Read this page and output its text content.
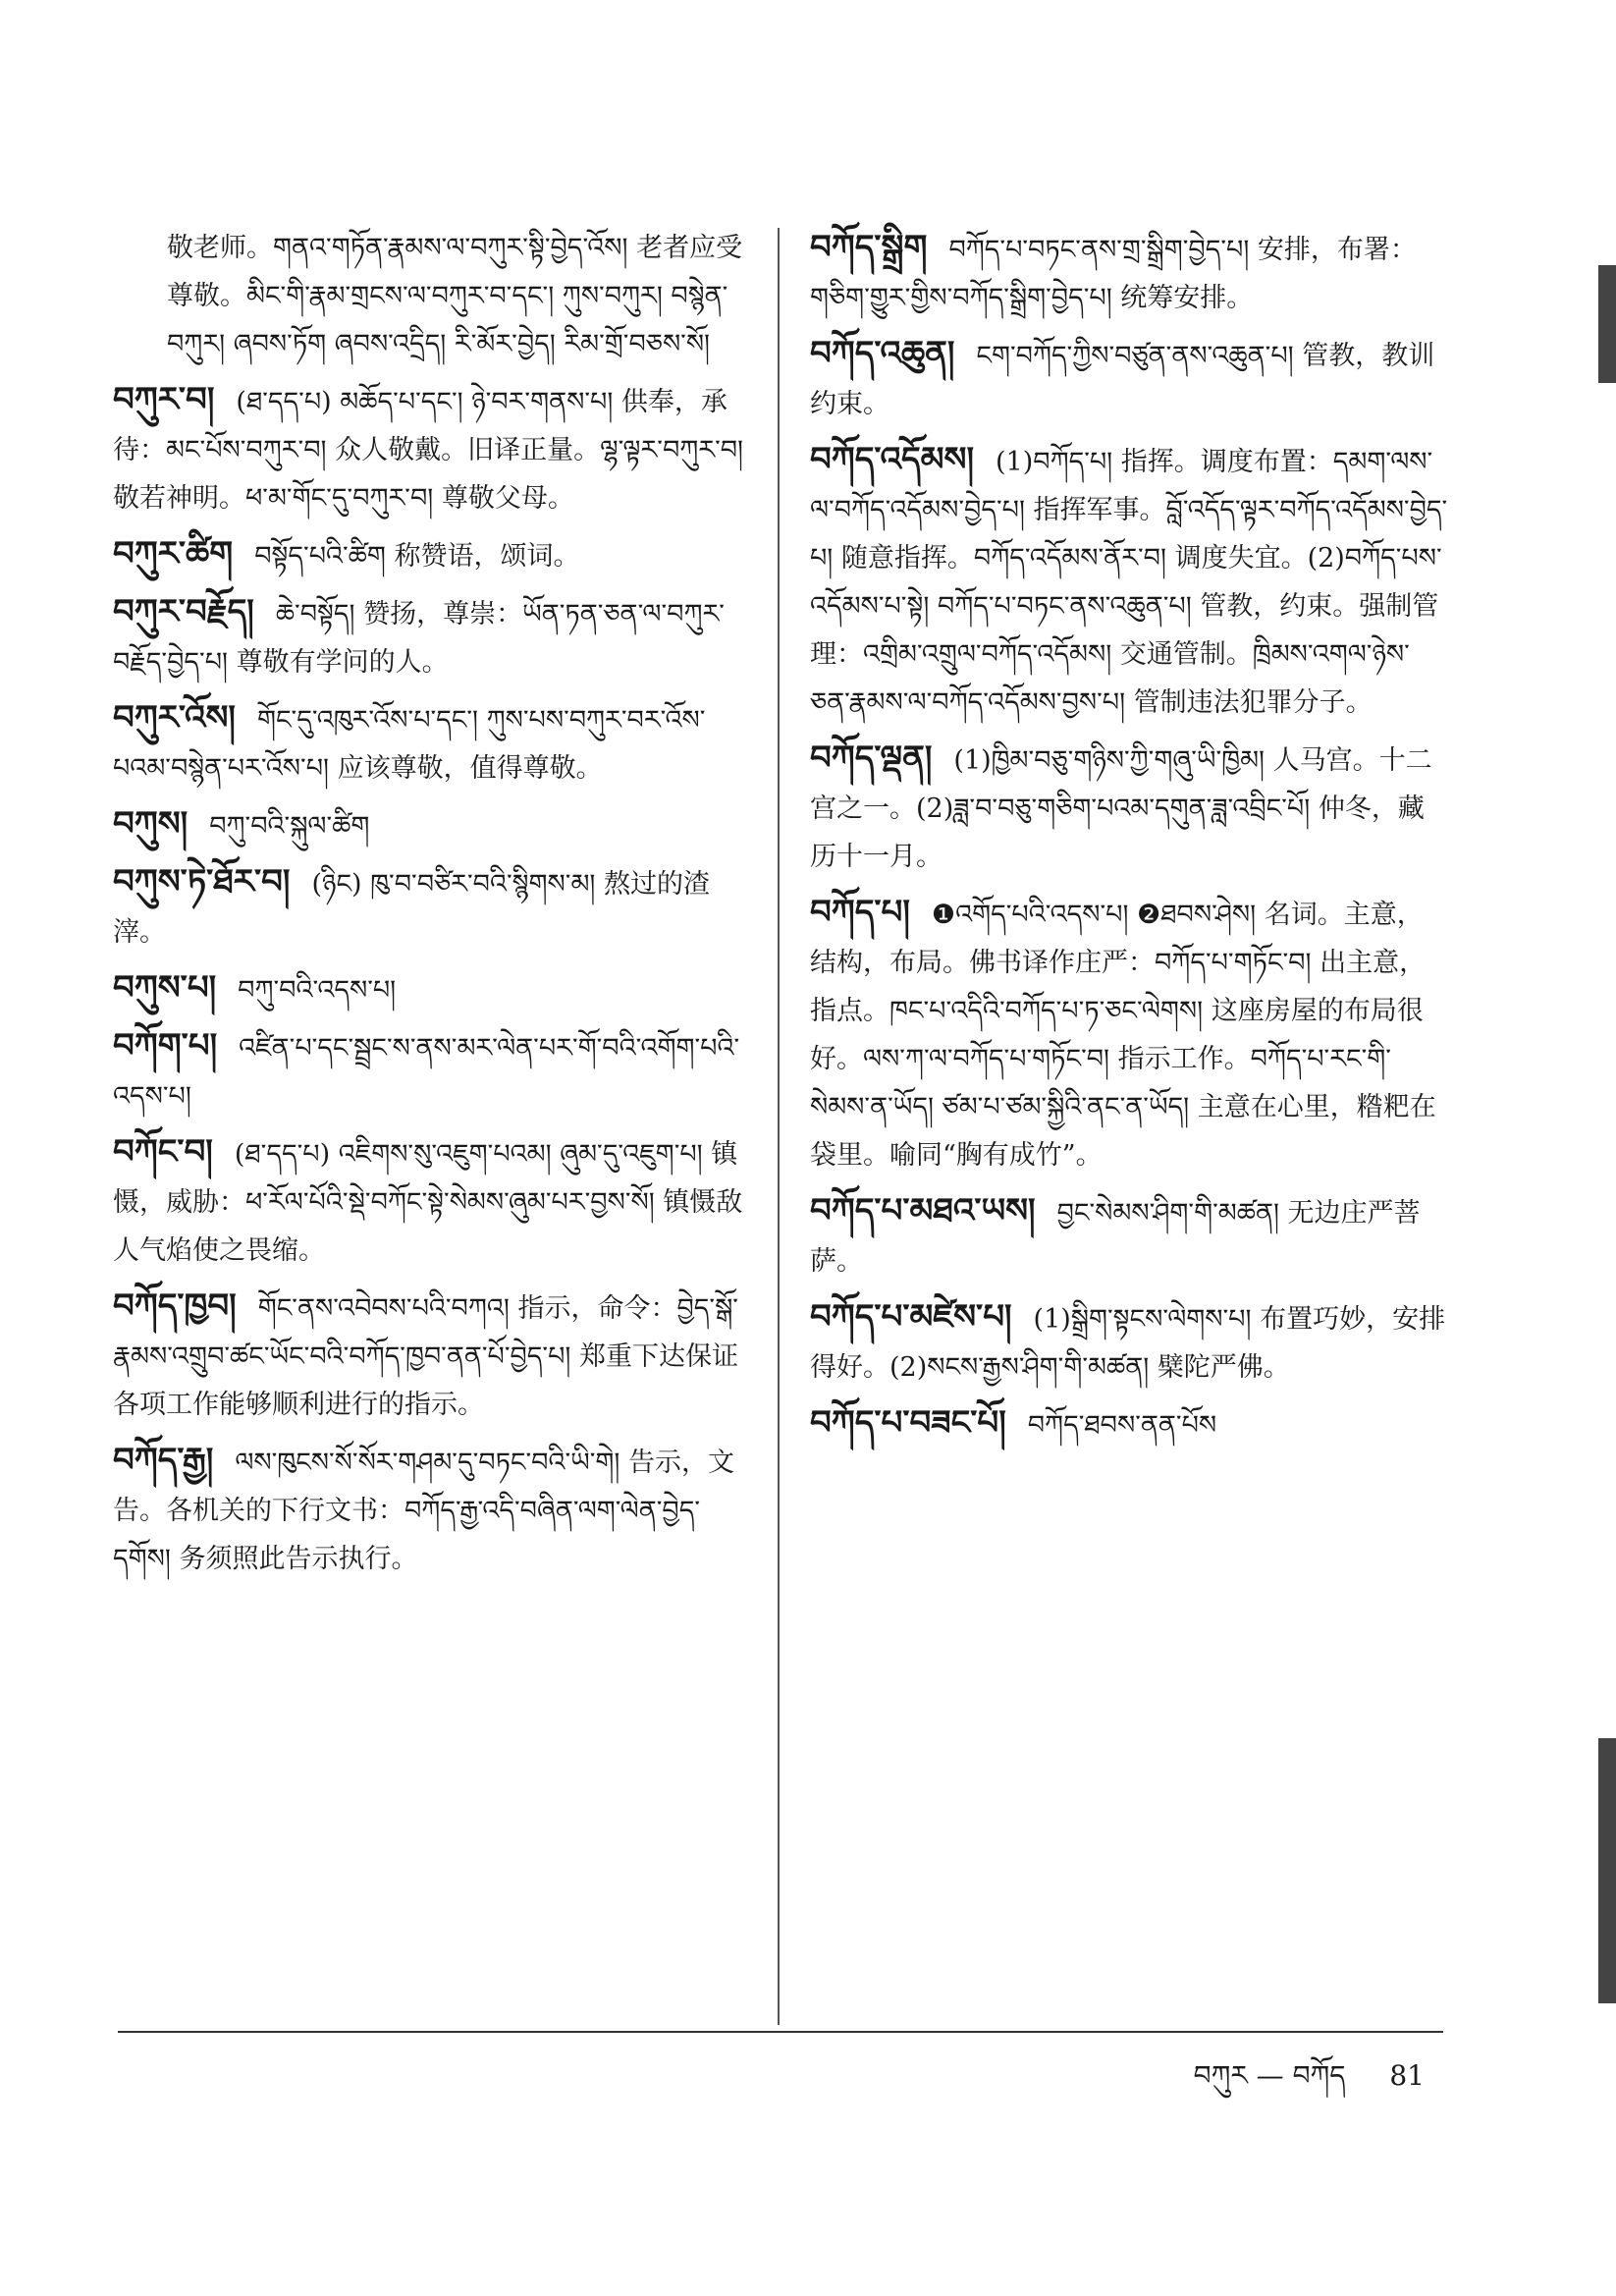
敬老师。གནའ་གཏོན་རྣམས་ལ་བཀུར་སྟི་བྱེད་འོས། 老者应受尊敬。མིང་གི་རྣམ་གྲངས་ལ་བཀུར་བ་དང་། ཀུས་བཀུར། བསྙེན་བཀུར། ཞབས་ཏོག ཞབས་འདྲིད། རི་མོར་བྱེད། རིམ་གྲོ་བཅས་སོ།
བཀུར་བ། (ཐ་དད་པ) མཆོད་པ་དང་། ཉེ་བར་གནས་པ། 供奉，承待：མང་པོས་བཀུར་བ། 众人敬戴。旧译正量。ལྷ་ལྟར་བཀུར་བ། 敬若神明。ཕ་མ་གོང་དུ་བཀུར་བ། 尊敬父母。
བཀུར་ཚིག བསྟོད་པའི་ཚིག 称赞语，颂词。
བཀུར་བརྗོད། ཆེ་བསྟོད། 赞扬，尊崇：ཡོན་ཏན་ཅན་ལ་བཀུར་བརྗོད་བྱེད་པ། 尊敬有学问的人。
བཀུར་འོས། གོང་དུ་འཁུར་འོས་པ་དང་། ཀུས་པས་བཀུར་བར་འོས་པའམ་བསྙེན་པར་འོས་པ། 应该尊敬，值得尊敬。
བཀུས། བཀུ་བའི་སྐུལ་ཚིག
བཀུས་ཏེ་ཐོར་བ། (ཉིང) ཁུ་བ་བཙིར་བའི་སྙིགས་མ། 熬过的渣滓。
བཀུས་པ། བཀུ་བའི་འདས་པ།
བཀོག་པ། འཛིན་པ་དང་སྦྲང་ས་ནས་མར་ལེན་པར་གོ་བའི་འགོག་པའི་འདས་པ།
བཀོང་བ། (ཐ་དད་པ) འཇིགས་སུ་འཇུག་པའམ། ཞུམ་དུ་འཇུག་པ། 镇慑，威胁：ཕ་རོལ་པོའི་སྡེ་བཀོང་སྟེ་སེམས་ཞུམ་པར་བྱས་སོ། 镇慑敌人气焰使之畏缩。
བཀོད་ཁྱབ། གོང་ནས་འབེབས་པའི་བཀའ། 指示，命令：བྱེད་སྒོ་རྣམས་འགྲུབ་ཚང་ཡོང་བའི་བཀོད་ཁྱབ་ནན་པོ་བྱེད་པ། 郑重下达保证各项工作能够顺利进行的指示。
བཀོད་རྒྱ། ལས་ཁུངས་སོ་སོར་གཤམ་དུ་བཏང་བའི་ཡི་གེ། 告示，文告。各机关的下行文书：བཀོད་རྒྱ་འདི་བཞིན་ལག་ལེན་བྱེད་དགོས། 务须照此告示执行。
བཀོད་སྒྲིག བཀོད་པ་བཏང་ནས་གྲ་སྒྲིག་བྱེད་པ། 安排，布署：གཅིག་གྱུར་གྱིས་བཀོད་སྒྲིག་བྱེད་པ། 统筹安排。
བཀོད་འཆུན། ངག་བཀོད་ཀྱིས་བཙུན་ནས་འཆུན་པ། 管教，教训约束。
བཀོད་འདོམས། (1)བཀོད་པ། 指挥。调度布置：དམག་ལས་ལ་བཀོད་འདོམས་བྱེད་པ། 指挥军事。བློ་འདོད་ལྟར་བཀོད་འདོམས་བྱེད་པ། 随意指挥。བཀོད་འདོམས་ནོར་བ། 调度失宜。(2)བཀོད་པས་འདོམས་པ་སྟེ། བཀོད་པ་བཏང་ནས་འཆུན་པ། 管教，约束。强制管理：འགྲིམ་འགྲུལ་བཀོད་འདོམས། 交通管制。ཁྲིམས་འགལ་ཉེས་ཅན་རྣམས་ལ་བཀོད་འདོམས་བྱས་པ། 管制违法犯罪分子。
བཀོད་ལྡན། (1)ཁྱིམ་བཅུ་གཉིས་ཀྱི་གཞུ་ཡི་ཁྱིམ། 人马宫。十二宫之一。(2)ཟླ་བ་བཅུ་གཅིག་པའམ་དགུན་ཟླ་འབྲིང་པོ། 仲冬，藏历十一月。
བཀོད་པ། ❶འགོད་པའི་འདས་པ། ❷ཐབས་ཤེས། 名词。主意，结构，布局。佛书译作庄严：བཀོད་པ་གཏོང་བ། 出主意，指点。ཁང་པ་འདིའི་བཀོད་པ་ཏ་ཅང་ལེགས། 这座房屋的布局很好。ལས་ཀ་ལ་བཀོད་པ་གཏོང་བ། 指示工作。བཀོད་པ་རང་གི་སེམས་ན་ཡོད། ཙམ་པ་ཙམ་སྐྱིའི་ནང་ན་ཡོད། 主意在心里，糌粑在袋里。喻同“胸有成竹”。
བཀོད་པ་མཐའ་ཡས། བྱང་སེམས་ཤིག་གི་མཚན། 无边庄严菩萨。
བཀོད་པ་མཛེས་པ། (1)སྒྲིག་སྟངས་ལེགས་པ། 布置巧妙，安排得好。(2)སངས་རྒྱས་ཤིག་གི་མཚན། 檗陀严佛。
བཀོད་པ་བཟང་པོ། བཀོད་ཐབས་ནན་པོས
བཀུར — བཀོད 81
